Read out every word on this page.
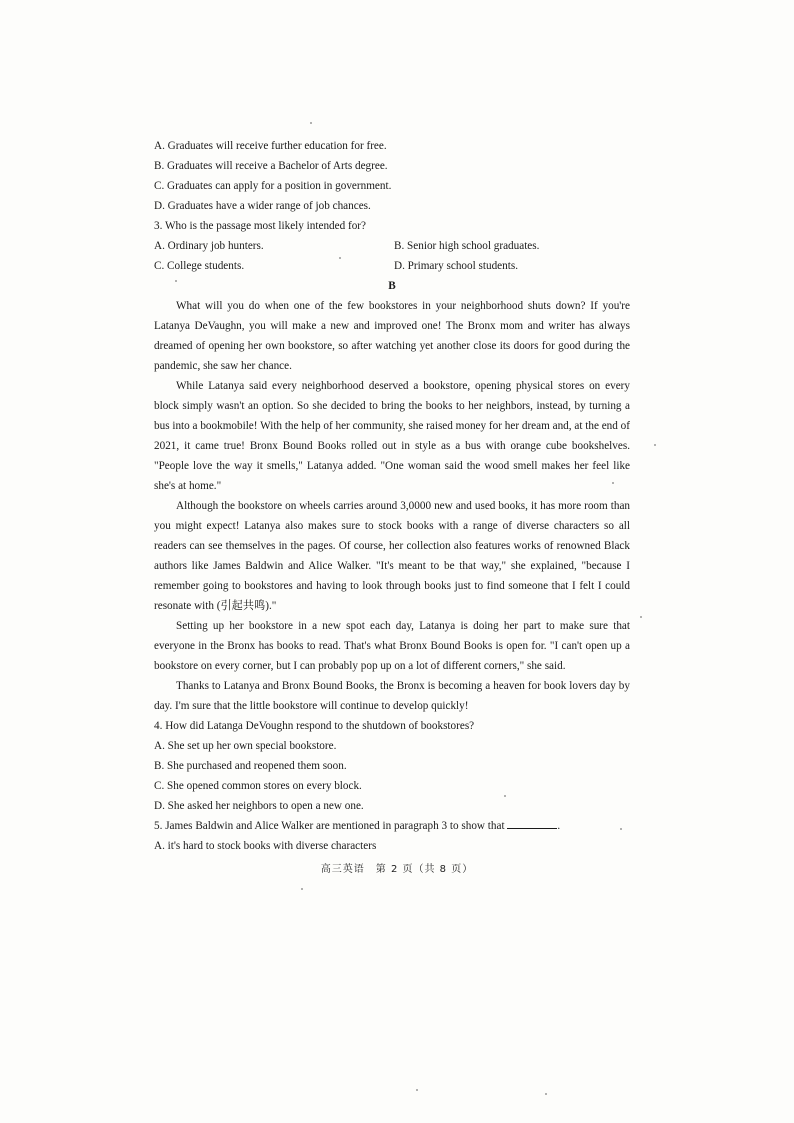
A. Graduates will receive further education for free.

B. Graduates will receive a Bachelor of Arts degree.

C. Graduates can apply for a position in government.

D. Graduates have a wider range of job chances.

3. Who is the passage most likely intended for?

A. Ordinary job hunters.	B. Senior high school graduates.
C. College students.	D. Primary school students.

B

What will you do when one of the few bookstores in your neighborhood shuts down? If you're Latanya DeVaughn, you will make a new and improved one! The Bronx mom and writer has always dreamed of opening her own bookstore, so after watching yet another close its doors for good during the pandemic, she saw her chance.

While Latanya said every neighborhood deserved a bookstore, opening physical stores on every block simply wasn't an option. So she decided to bring the books to her neighbors, instead, by turning a bus into a bookmobile! With the help of her community, she raised money for her dream and, at the end of 2021, it came true! Bronx Bound Books rolled out in style as a bus with orange cube bookshelves. "People love the way it smells," Latanya added. "One woman said the wood smell makes her feel like she's at home."

Although the bookstore on wheels carries around 3,0000 new and used books, it has more room than you might expect! Latanya also makes sure to stock books with a range of diverse characters so all readers can see themselves in the pages. Of course, her collection also features works of renowned Black authors like James Baldwin and Alice Walker. "It's meant to be that way," she explained, "because I remember going to bookstores and having to look through books just to find someone that I felt I could resonate with (引起共鸣)."

Setting up her bookstore in a new spot each day, Latanya is doing her part to make sure that everyone in the Bronx has books to read. That's what Bronx Bound Books is open for. "I can't open up a bookstore on every corner, but I can probably pop up on a lot of different corners," she said.

Thanks to Latanya and Bronx Bound Books, the Bronx is becoming a heaven for book lovers day by day. I'm sure that the little bookstore will continue to develop quickly!

4. How did Latanga DeVoughn respond to the shutdown of bookstores?

A. She set up her own special bookstore.

B. She purchased and reopened them soon.

C. She opened common stores on every block.

D. She asked her neighbors to open a new one.

5. James Baldwin and Alice Walker are mentioned in paragraph 3 to show that	.

A. it's hard to stock books with diverse characters

高三英语　第 2 页（共 8 页）
